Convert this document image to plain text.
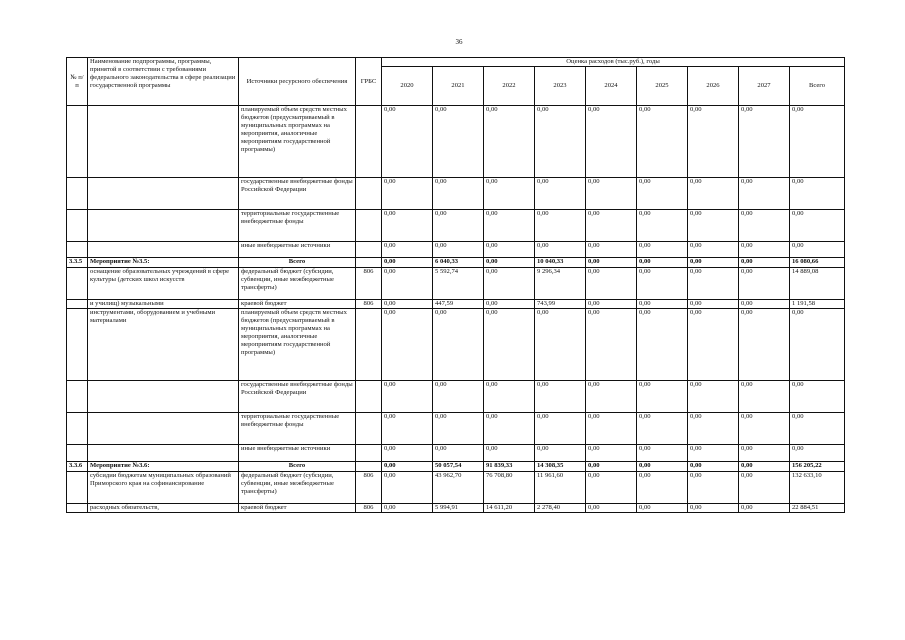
36
№ п/п	Наименование подпрограммы, программы, принятой в соответствии с требованиями федерального законодательства в сфере реализации государственной программы	Источники ресурсного обеспечения	ГРБС	Оценка расходов (тыс.руб.), годы								
				2020	2021	2022	2023	2024	2025	2026	2027	Всего
		планируемый объем средств местных бюджетов (предусматриваемый в муниципальных программах на мероприятия, аналогичные мероприятиям государственной программы)		0,00	0,00	0,00	0,00	0,00	0,00	0,00	0,00	0,00
		государственные внебюджетные фонды Российской Федерации		0,00	0,00	0,00	0,00	0,00	0,00	0,00	0,00	0,00
		территориальные государственные внебюджетные фонды		0,00	0,00	0,00	0,00	0,00	0,00	0,00	0,00	0,00
		иные внебюджетные источники		0,00	0,00	0,00	0,00	0,00	0,00	0,00	0,00	0,00
3.3.5	Мероприятие №3.5:	Всего		0,00	6 040,33	0,00	10 040,33	0,00	0,00	0,00	0,00	16 080,66
	оснащение образовательных учреждений в сфере культуры (детских школ искусств	федеральный бюджет (субсидии, субвенции, иные межбюджетные трансферты)	806	0,00	5 592,74	0,00	9 296,34	0,00	0,00	0,00	0,00	14 889,08
	и училищ) музыкальными	краевой бюджет	806	0,00	447,59	0,00	743,99	0,00	0,00	0,00	0,00	1 191,58
	инструментами, оборудованием и учебными материалами	планируемый объем средств местных бюджетов (предусматриваемый в муниципальных программах на мероприятия, аналогичные мероприятиям государственной программы)		0,00	0,00	0,00	0,00	0,00	0,00	0,00	0,00	0,00
		государственные внебюджетные фонды Российской Федерации		0,00	0,00	0,00	0,00	0,00	0,00	0,00	0,00	0,00
		территориальные государственные внебюджетные фонды		0,00	0,00	0,00	0,00	0,00	0,00	0,00	0,00	0,00
		иные внебюджетные источники		0,00	0,00	0,00	0,00	0,00	0,00	0,00	0,00	0,00
3.3.6	Мероприятие №3.6:	Всего		0,00	50 057,54	91 839,33	14 308,35	0,00	0,00	0,00	0,00	156 205,22
	субсидии бюджетам муниципальных образований Приморского края на софинансирование	федеральный бюджет (субсидии, субвенции, иные межбюджетные трансферты)	806	0,00	43 962,70	76 708,80	11 961,60	0,00	0,00	0,00	0,00	132 633,10
	расходных обязательств,	краевой бюджет	806	0,00	5 994,91	14 611,20	2 278,40	0,00	0,00	0,00	0,00	22 884,51
